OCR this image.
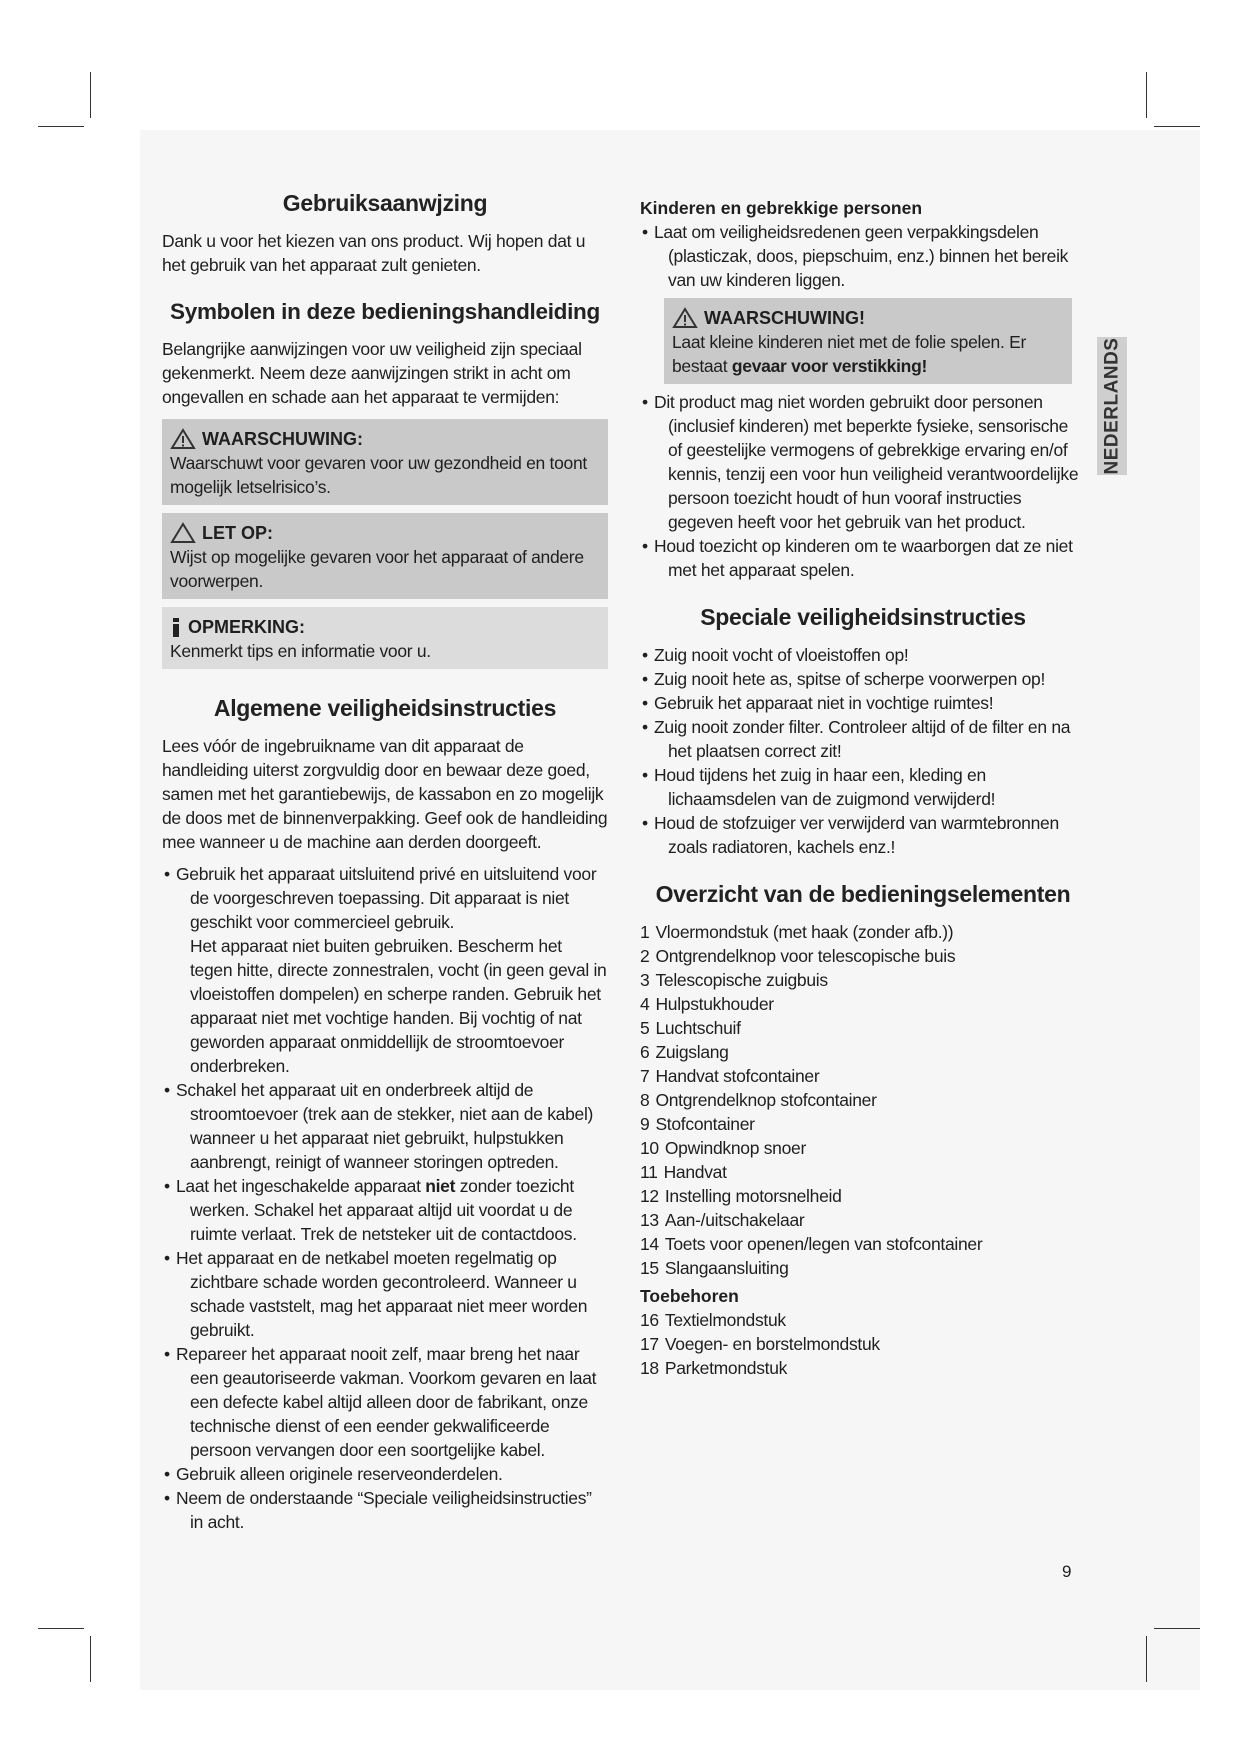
Gebruiksaanwjzing

Dank u voor het kiezen van ons product. Wij hopen dat u het gebruik van het apparaat zult genieten.

Symbolen in deze bedieningshandleiding

Belangrijke aanwijzingen voor uw veiligheid zijn speciaal gekenmerkt. Neem deze aanwijzingen strikt in acht om ongevallen en schade aan het apparaat te vermijden:

WAARSCHUWING:
Waarschuwt voor gevaren voor uw gezondheid en toont mogelijk letselrisico’s.
LET OP:
Wijst op mogelijke gevaren voor het apparaat of andere voorwerpen.
OPMERKING:
Kenmerkt tips en informatie voor u.
Algemene veiligheidsinstructies

Lees vóór de ingebruikname van dit apparaat de handleiding uiterst zorgvuldig door en bewaar deze goed, samen met het garantiebewijs, de kassabon en zo mogelijk de doos met de binnenverpakking. Geef ook de handleiding mee wanneer u de machine aan derden doorgeeft.

• Gebruik het apparaat uitsluitend privé en uitsluitend voor de voorgeschreven toepassing. Dit apparaat is niet geschikt voor commercieel gebruik.
Het apparaat niet buiten gebruiken. Bescherm het tegen hitte, directe zonnestralen, vocht (in geen geval in vloeistoffen dompelen) en scherpe randen. Gebruik het apparaat niet met vochtige handen. Bij vochtig of nat geworden apparaat onmiddellijk de stroomtoevoer onderbreken.
• Schakel het apparaat uit en onderbreek altijd de stroomtoevoer (trek aan de stekker, niet aan de kabel) wanneer u het apparaat niet gebruikt, hulpstukken aanbrengt, reinigt of wanneer storingen optreden.
• Laat het ingeschakelde apparaat niet zonder toezicht werken. Schakel het apparaat altijd uit voordat u de ruimte verlaat. Trek de netsteker uit de contactdoos.
• Het apparaat en de netkabel moeten regelmatig op zichtbare schade worden gecontroleerd. Wanneer u schade vaststelt, mag het apparaat niet meer worden gebruikt.
• Repareer het apparaat nooit zelf, maar breng het naar een geautoriseerde vakman. Voorkom gevaren en laat een defecte kabel altijd alleen door de fabrikant, onze technische dienst of een eender gekwalificeerde persoon vervangen door een soortgelijke kabel.
• Gebruik alleen originele reserveonderdelen.
• Neem de onderstaande “Speciale veiligheidsinstructies” in acht.
Kinderen en gebrekkige personen
• Laat om veiligheidsredenen geen verpakkingsdelen (plasticzak, doos, piepschuim, enz.) binnen het bereik van uw kinderen liggen.
WAARSCHUWING!
Laat kleine kinderen niet met de folie spelen. Er bestaat gevaar voor verstikking!
• Dit product mag niet worden gebruikt door personen (inclusief kinderen) met beperkte fysieke, sensorische of geestelijke vermogens of gebrekkige ervaring en/of kennis, tenzij een voor hun veiligheid verantwoordelijke persoon toezicht houdt of hun vooraf instructies gegeven heeft voor het gebruik van het product.
• Houd toezicht op kinderen om te waarborgen dat ze niet met het apparaat spelen.
Speciale veiligheidsinstructies
• Zuig nooit vocht of vloeistoffen op!
• Zuig nooit hete as, spitse of scherpe voorwerpen op!
• Gebruik het apparaat niet in vochtige ruimtes!
• Zuig nooit zonder filter. Controleer altijd of de filter en na het plaatsen correct zit!
• Houd tijdens het zuig in haar een, kleding en lichaamsdelen van de zuigmond verwijderd!
• Houd de stofzuiger ver verwijderd van warmtebronnen zoals radiatoren, kachels enz.!
Overzicht van de bedieningselementen
1 Vloermondstuk (met haak (zonder afb.))
2 Ontgrendelknop voor telescopische buis
3 Telescopische zuigbuis
4 Hulpstukhouder
5 Luchtschuif
6 Zuigslang
7 Handvat stofcontainer
8 Ontgrendelknop stofcontainer
9 Stofcontainer
10 Opwindknop snoer
11 Handvat
12 Instelling motorsnelheid
13 Aan-/uitschakelaar
14 Toets voor openen/legen van stofcontainer
15 Slangaansluiting
Toebehoren
16 Textielmondstuk
17 Voegen- en borstelmondstuk
18 Parketmondstuk
NEDERLANDS
9
